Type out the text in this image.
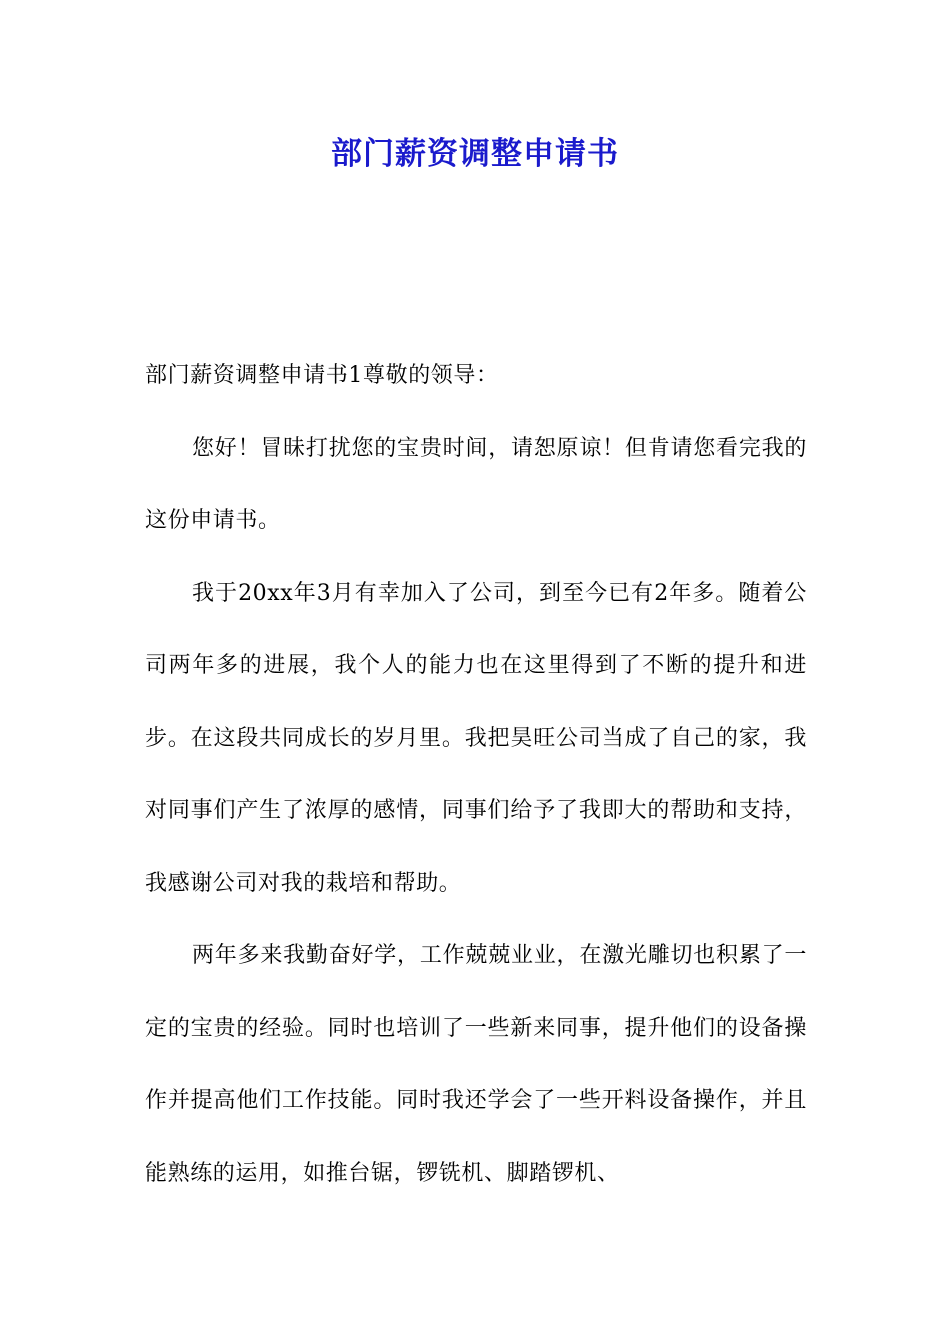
部门薪资调整申请书

部门薪资调整申请书1尊敬的领导：

您好！冒昧打扰您的宝贵时间，请恕原谅！但肯请您看完我的这份申请书。

我于20xx年3月有幸加入了公司，到至今已有2年多。随着公司两年多的进展，我个人的能力也在这里得到了不断的提升和进步。在这段共同成长的岁月里。我把昊旺公司当成了自己的家，我对同事们产生了浓厚的感情，同事们给予了我即大的帮助和支持，我感谢公司对我的栽培和帮助。

两年多来我勤奋好学，工作兢兢业业，在激光雕切也积累了一定的宝贵的经验。同时也培训了一些新来同事，提升他们的设备操作并提高他们工作技能。同时我还学会了一些开料设备操作，并且能熟练的运用，如推台锯，锣铣机、脚踏锣机、
